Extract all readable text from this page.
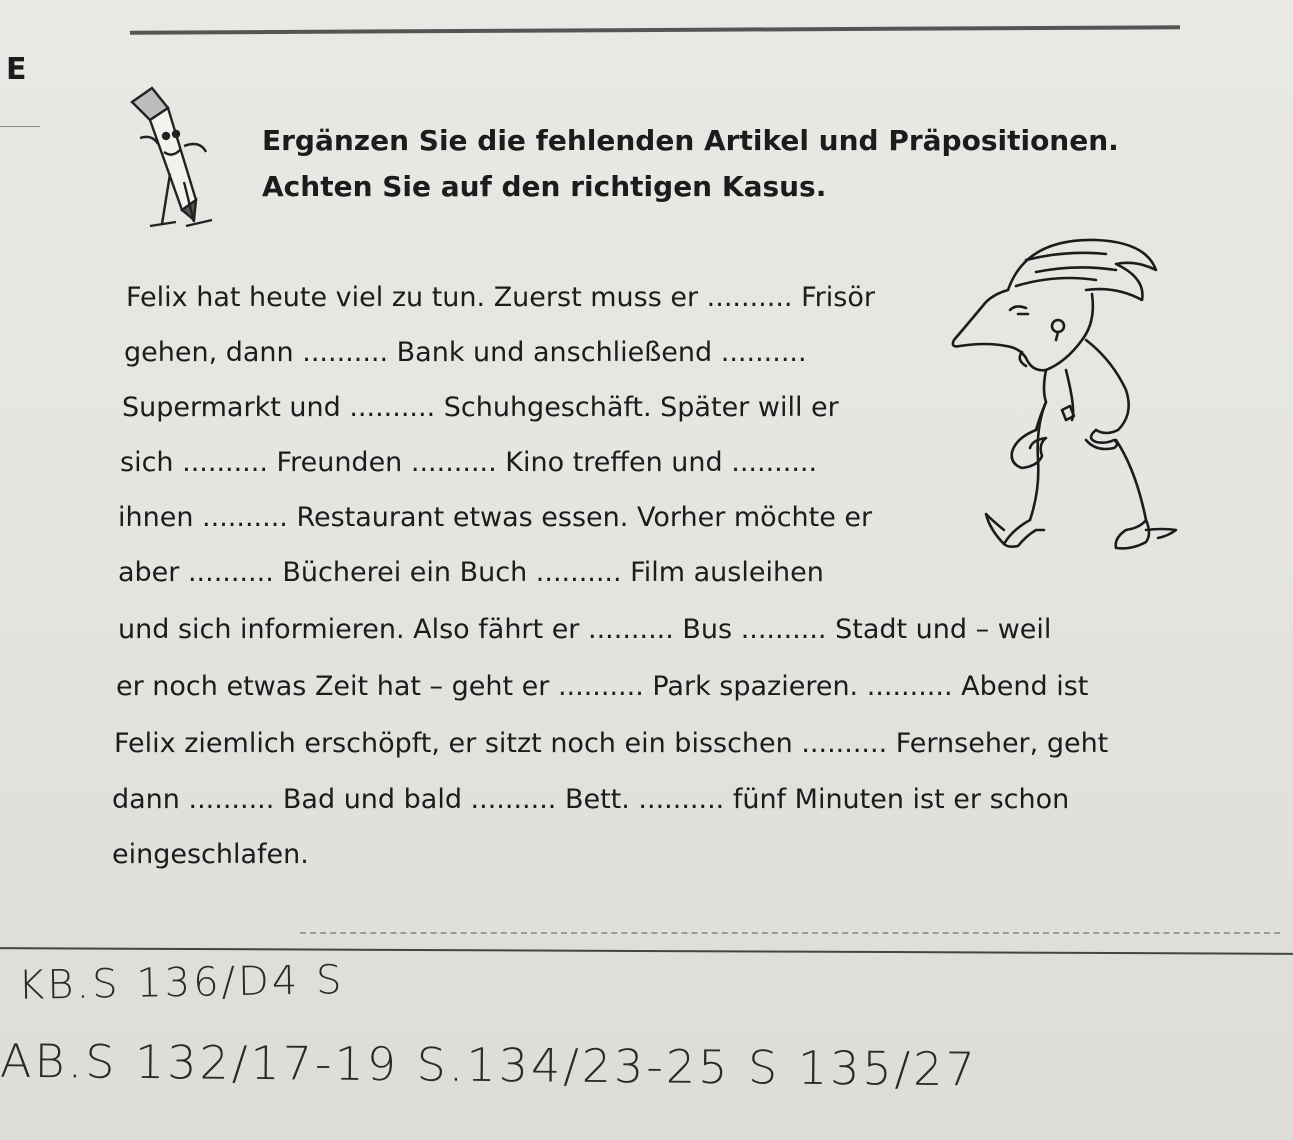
E
Ergänzen Sie die fehlenden Artikel und Präpositionen.
Achten Sie auf den richtigen Kasus.
Felix hat heute viel zu tun. Zuerst muss er .......... Frisör
gehen, dann .......... Bank und anschließend ..........
Supermarkt und .......... Schuhgeschäft. Später will er
sich .......... Freunden .......... Kino treffen und ..........
ihnen .......... Restaurant etwas essen. Vorher möchte er
aber .......... Bücherei ein Buch .......... Film ausleihen
und sich informieren. Also fährt er .......... Bus .......... Stadt und – weil
er noch etwas Zeit hat – geht er .......... Park spazieren. .......... Abend ist
Felix ziemlich erschöpft, er sitzt noch ein bisschen .......... Fernseher, geht
dann .......... Bad und bald .......... Bett. .......... fünf Minuten ist er schon
eingeschlafen.
KB.S 136/D4 S
AB.S 132/17-19 S.134/23-25 S 135/27
